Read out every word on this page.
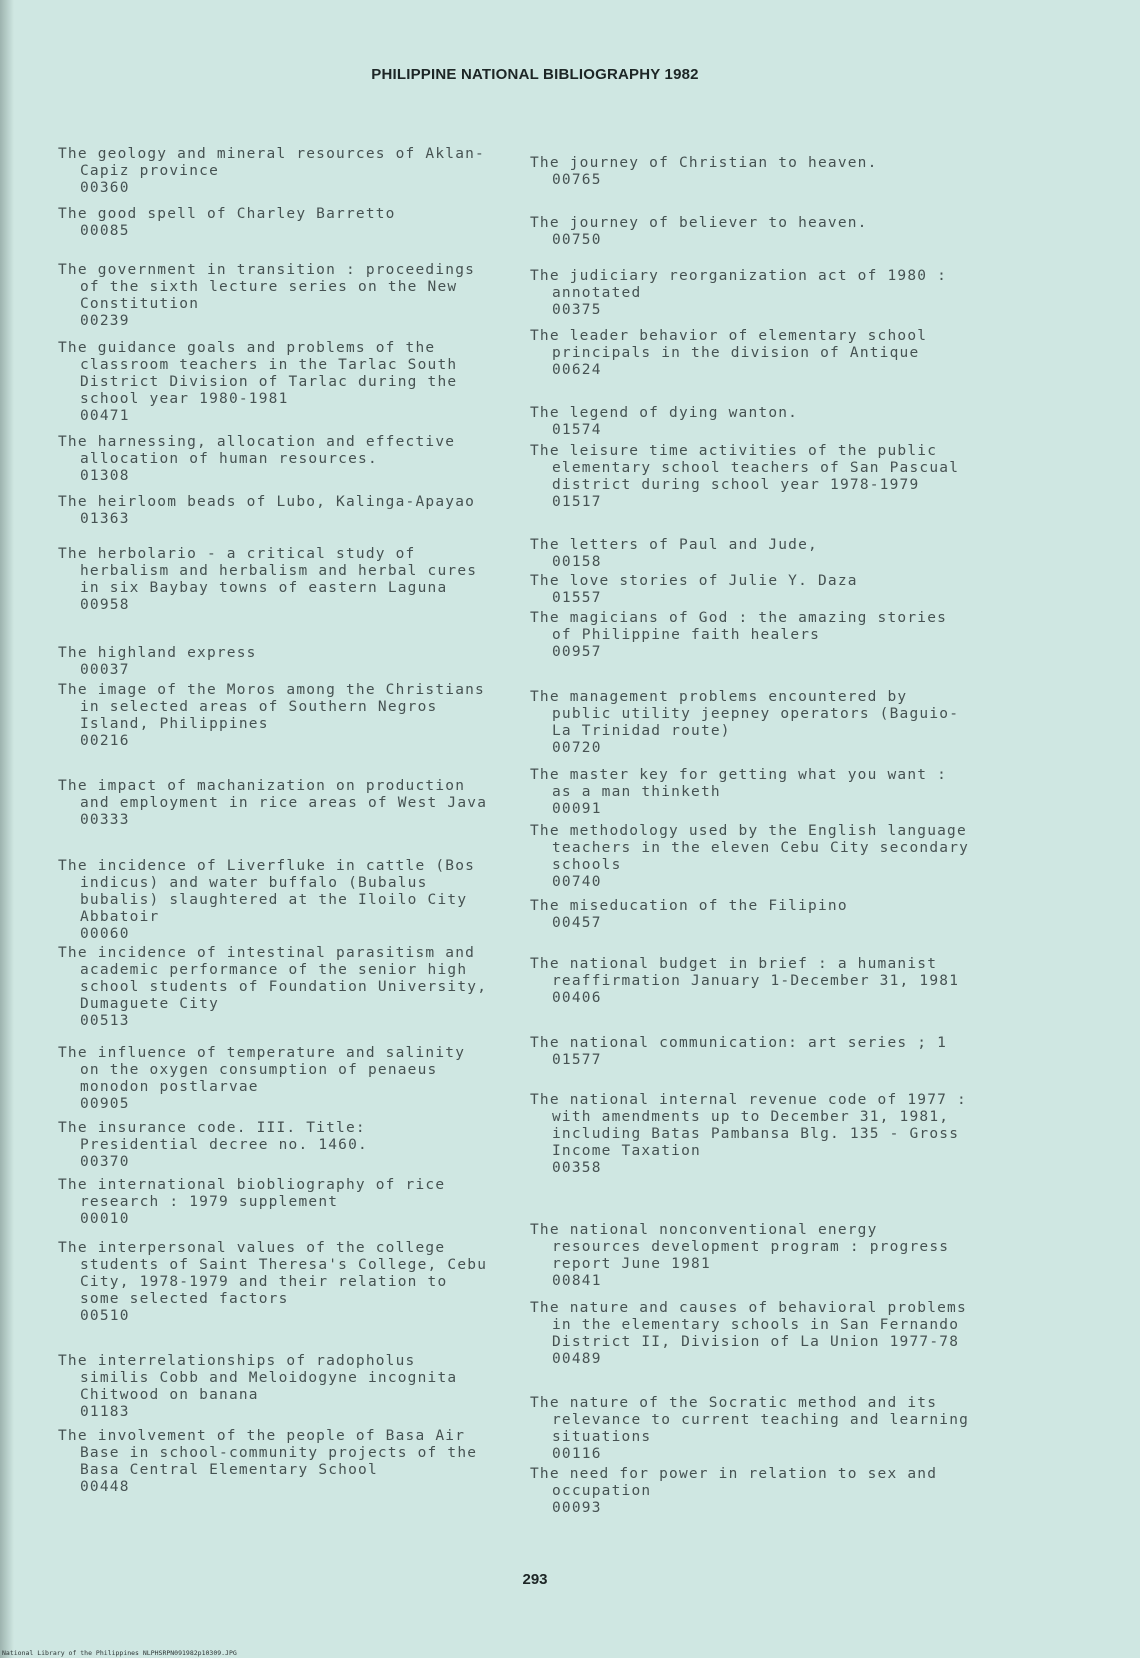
PHILIPPINE NATIONAL BIBLIOGRAPHY 1982
The geology and mineral resources of Aklan-Capiz province
00360
The good spell of Charley Barretto
00085
The government in transition : proceedings of the sixth lecture series on the New Constitution
00239
The guidance goals and problems of the classroom teachers in the Tarlac South District Division of Tarlac during the school year 1980-1981
00471
The harnessing, allocation and effective allocation of human resources.
01308
The heirloom beads of Lubo, Kalinga-Apayao
01363
The herbolario - a critical study of herbalism and herbalism and herbal cures in six Baybay towns of eastern Laguna
00958
The highland express
00037
The image of the Moros among the Christians in selected areas of Southern Negros Island, Philippines
00216
The impact of machanization on production and employment in rice areas of West Java
00333
The incidence of Liverfluke in cattle (Bos indicus) and water buffalo (Bubalus bubalis) slaughtered at the Iloilo City Abbatoir
00060
The incidence of intestinal parasitism and academic performance of the senior high school students of Foundation University, Dumaguete City
00513
The influence of temperature and salinity on the oxygen consumption of penaeus monodon postlarvae
00905
The insurance code. III. Title: Presidential decree no. 1460.
00370
The international biobliography of rice research : 1979 supplement
00010
The interpersonal values of the college students of Saint Theresa's College, Cebu City, 1978-1979 and their relation to some selected factors
00510
The interrelationships of radopholus similis Cobb and Meloidogyne incognita Chitwood on banana
01183
The involvement of the people of Basa Air Base in school-community projects of the Basa Central Elementary School
00448
The journey of Christian to heaven.
00765
The journey of believer to heaven.
00750
The judiciary reorganization act of 1980 : annotated
00375
The leader behavior of elementary school principals in the division of Antique
00624
The legend of dying wanton.
01574
The leisure time activities of the public elementary school teachers of San Pascual district during school year 1978-1979
01517
The letters of Paul and Jude,
00158
The love stories of Julie Y. Daza
01557
The magicians of God : the amazing stories of Philippine faith healers
00957
The management problems encountered by public utility jeepney operators (Baguio-La Trinidad route)
00720
The master key for getting what you want : as a man thinketh
00091
The methodology used by the English language teachers in the eleven Cebu City secondary schools
00740
The miseducation of the Filipino
00457
The national budget in brief : a humanist reaffirmation January 1-December 31, 1981
00406
The national communication: art series ; 1
01577
The national internal revenue code of 1977 : with amendments up to December 31, 1981, including Batas Pambansa Blg. 135 - Gross Income Taxation
00358
The national nonconventional energy resources development program : progress report June 1981
00841
The nature and causes of behavioral problems in the elementary schools in San Fernando District II, Division of La Union 1977-78
00489
The nature of the Socratic method and its relevance to current teaching and learning situations
00116
The need for power in relation to sex and occupation
00093
293
National Library of the Philippines NLPHSRPN091982p10309.JPG
